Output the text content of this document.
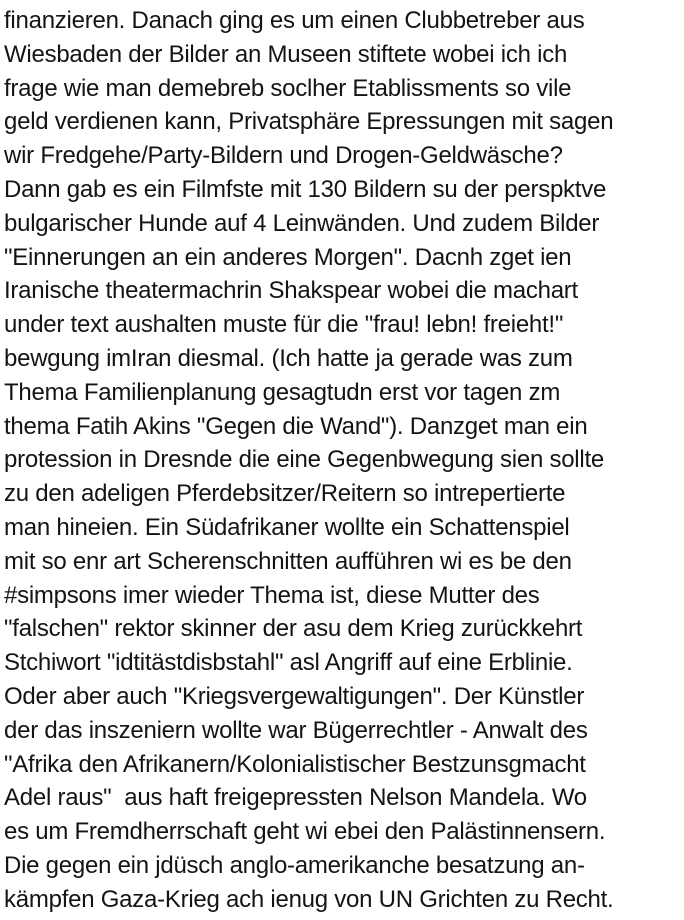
finanzieren. Danach ging es um einen Clubbetreber aus
Wiesbaden der Bilder an Museen stiftete wobei ich ich
frage wie man demebreb soclher Etablissments so vile
geld verdienen kann, Privatsphäre Epressungen mit sagen
wir Fredgehe/Party-Bildern und Drogen-Geldwäsche?
Dann gab es ein Filmfste mit 130 Bildern su der perspktve
bulgarischer Hunde auf 4 Leinwänden. Und zudem Bilder
"Einnerungen an ein anderes Morgen". Dacnh zget ien
Iranische theatermachrin Shakspear wobei die machart
under text aushalten muste für die "frau! lebn! freieht!"
bewgung imIran diesmal. (Ich hatte ja gerade was zum
Thema Familienplanung gesagtudn erst vor tagen zm
thema Fatih Akins "Gegen die Wand"). Danzget man ein
protession in Dresnde die eine Gegenbwegung sien sollte
zu den adeligen Pferdebsitzer/Reitern so intrepertierte
man hineien. Ein Südafrikaner wollte ein Schattenspiel
mit so enr art Scherenschnitten aufführen wi es be den
#simpsons imer wieder Thema ist, diese Mutter des
"falschen" rektor skinner der asu dem Krieg zurückkehrt
Stchiwort "idtitästdisbstahl" asl Angriff auf eine Erblinie.
Oder aber auch "Kriegsvergewaltigungen". Der Künstler
der das inszeniern wollte war Bügerrechtler - Anwalt des
"Afrika den Afrikanern/Kolonialistischer Bestzunsgmacht
Adel raus"  aus haft freigepressten Nelson Mandela. Wo
es um Fremdherrschaft geht wi ebei den Palästinnensern.
Die gegen ein jdüsch anglo-amerikanche besatzung an-
kämpfen Gaza-Krieg ach ienug von UN Grichten zu Recht.
